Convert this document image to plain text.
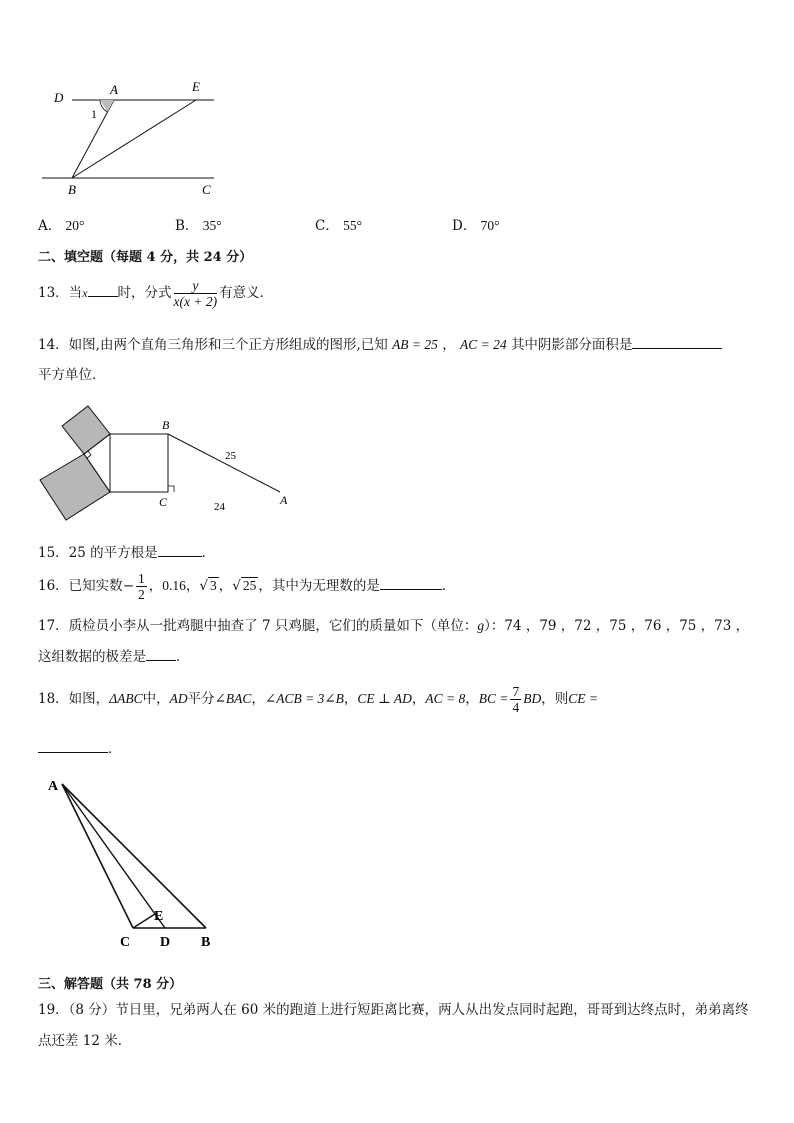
D
A	E
1
B	C
A． 20°	B． 35°	C． 55°	D． 70°
二、填空题（每题 4 分，共 24 分）
13．当x 时，分式 $\frac{y}{x(x + 2)}$ 有意义．
14．如图,由两个直角三角形和三个正方形组成的图形,已知 AB = 25 ， AC = 24 其中阴影部分面积是
平方单位．
B
C	A
25
24
15．25 的平方根是	．
16．已知实数− $\frac{1}{2}$ ，0.16，√ 3 ，√ 25 ，其中为无理数的是	．
17．质检员小李从一批鸡腿中抽查了 7 只鸡腿，它们的质量如下（单位：g）：74 ，79 ，72 ，75 ，76 ，75 ，73 ，
这组数据的极差是 ．
18．如图，ΔABC中，AD平分∠BAC，∠ACB = 3∠B，CE ⊥ AD，AC = 8，BC = $\frac{7}{4}$ BD，则CE =
．
A
E
C D B
三、解答题（共 78 分）
19．（8 分）节日里，兄弟两人在 60 米的跑道上进行短距离比赛，两人从出发点同时起跑，哥哥到达终点时，弟弟离终
点还差 12 米．
